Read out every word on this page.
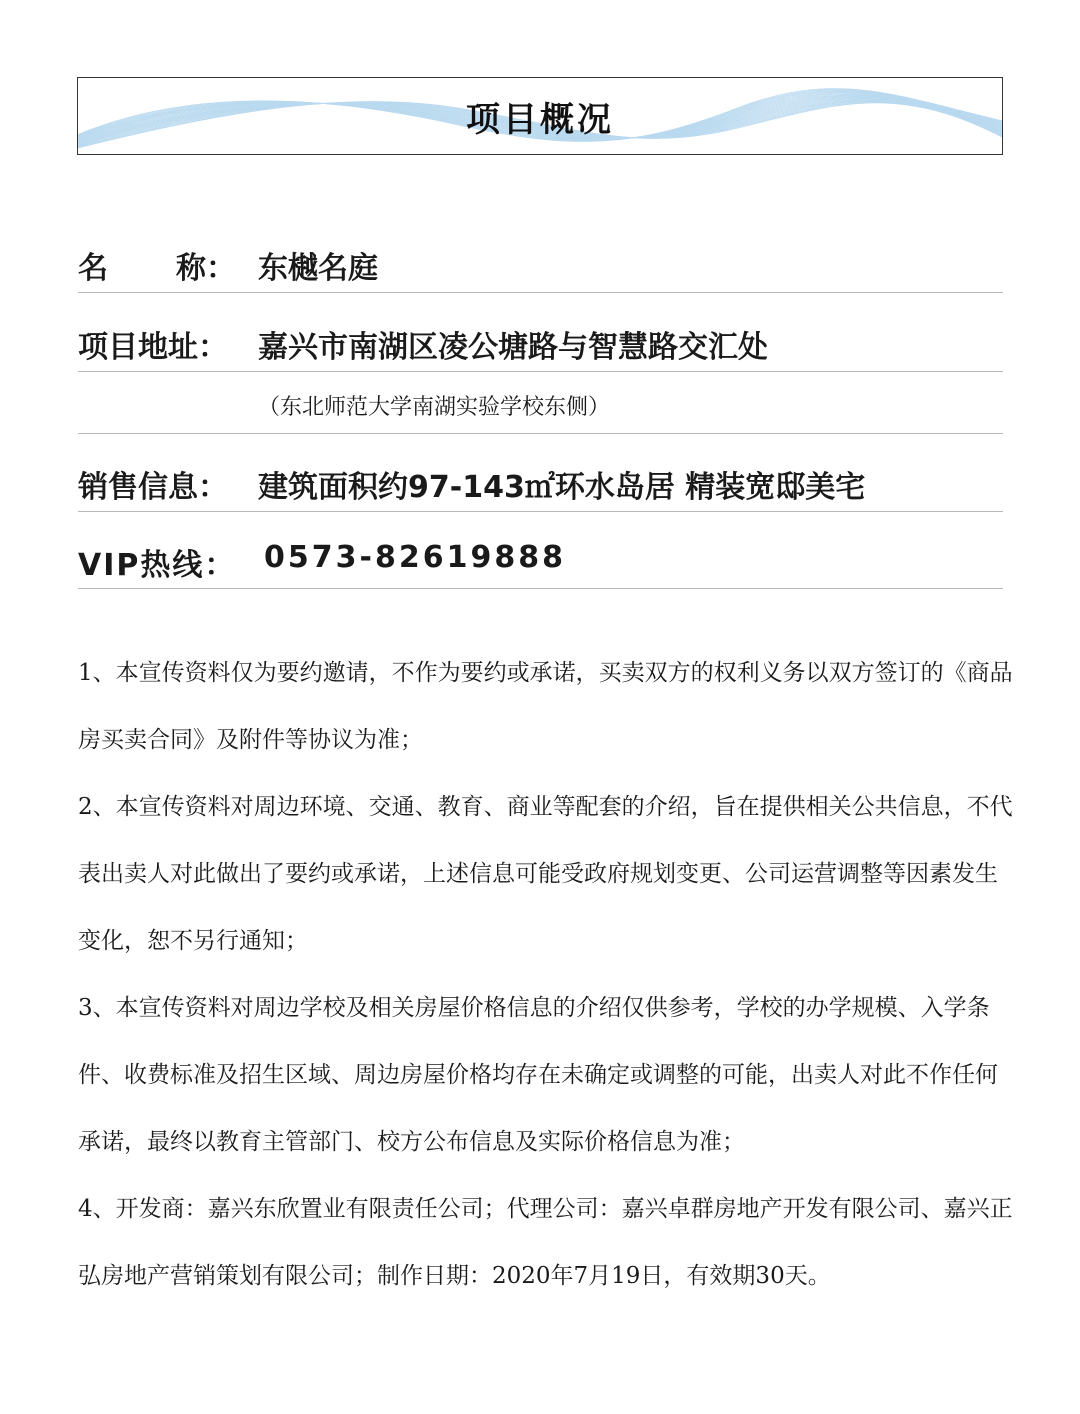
项目概况
名 称： 东樾名庭
项目地址： 嘉兴市南湖区凌公塘路与智慧路交汇处
（东北师范大学南湖实验学校东侧）
销售信息： 建筑面积约97-143㎡环水岛居 精装宽邸美宅
VIP热线： 0573-82619888

1、本宣传资料仅为要约邀请，不作为要约或承诺，买卖双方的权利义务以双方签订的《商品房买卖合同》及附件等协议为准；

2、本宣传资料对周边环境、交通、教育、商业等配套的介绍，旨在提供相关公共信息，不代表出卖人对此做出了要约或承诺，上述信息可能受政府规划变更、公司运营调整等因素发生变化，恕不另行通知；

3、本宣传资料对周边学校及相关房屋价格信息的介绍仅供参考，学校的办学规模、入学条件、收费标准及招生区域、周边房屋价格均存在未确定或调整的可能，出卖人对此不作任何承诺，最终以教育主管部门、校方公布信息及实际价格信息为准；

4、开发商：嘉兴东欣置业有限责任公司；代理公司：嘉兴卓群房地产开发有限公司、嘉兴正弘房地产营销策划有限公司；制作日期：2020年7月19日，有效期30天。
